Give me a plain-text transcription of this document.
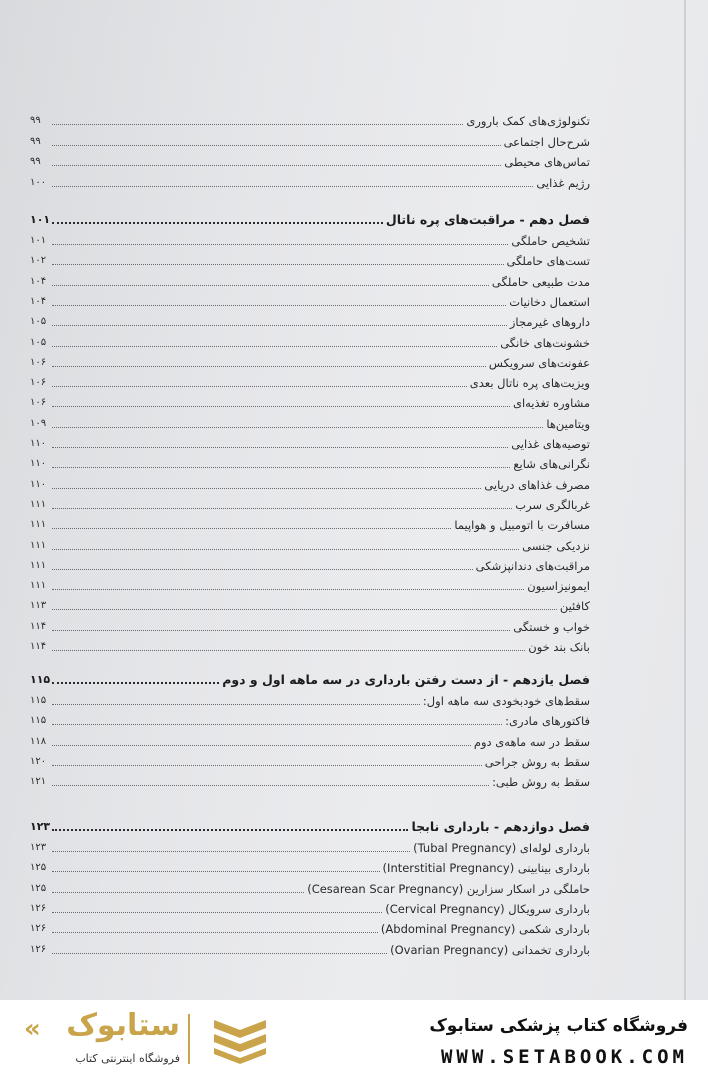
تکنولوژی‌های کمک باروری
۹۹
شرح‌حال اجتماعی
۹۹
تماس‌های محیطی
۹۹
رژیم غذایی
۱۰۰
فصل دهم - مراقبت‌های پره ناتال
۱۰۱
تشخیص حاملگی
۱۰۱
تست‌های حاملگی
۱۰۲
مدت طبیعی حاملگی
۱۰۴
استعمال دخانیات
۱۰۴
داروهای غیرمجاز
۱۰۵
خشونت‌های خانگی
۱۰۵
عفونت‌های سرویکس
۱۰۶
ویزیت‌های پره ناتال بعدی
۱۰۶
مشاوره تغذیه‌ای
۱۰۶
ویتامین‌ها
۱۰۹
توصیه‌های غذایی
۱۱۰
نگرانی‌های شایع
۱۱۰
مصرف غذاهای دریایی
۱۱۰
غربالگری سرب
۱۱۱
مسافرت با اتومبیل و هواپیما
۱۱۱
نزدیکی جنسی
۱۱۱
مراقبت‌های دندانپزشکی
۱۱۱
ایمونیزاسیون
۱۱۱
کافئین
۱۱۳
خواب و خستگی
۱۱۴
بانک بند خون
۱۱۴
فصل یازدهم - از دست رفتن بارداری در سه ماهه اول و دوم
۱۱۵
سقط‌های خودبخودی سه ماهه اول:
۱۱۵
فاکتورهای مادری:
۱۱۵
سقط در سه ماهه‌ی دوم
۱۱۸
سقط به روش جراحی
۱۲۰
سقط به روش طبی:
۱۲۱
فصل دوازدهم - بارداری نابجا
۱۲۳
بارداری لوله‌ای (Tubal Pregnancy)
۱۲۳
بارداری بینابینی (Interstitial Pregnancy)
۱۲۵
حاملگی در اسکار سزارین (Cesarean Scar Pregnancy)
۱۲۵
بارداری سرویکال (Cervical Pregnancy)
۱۲۶
بارداری شکمی (Abdominal Pregnancy)
۱۲۶
بارداری تخمدانی (Ovarian Pregnancy)
۱۲۶
فروشگاه کتاب پزشکی ستابوک
WWW.SETABOOK.COM
« ستابوک
فروشگاه اینترنتی کتاب
